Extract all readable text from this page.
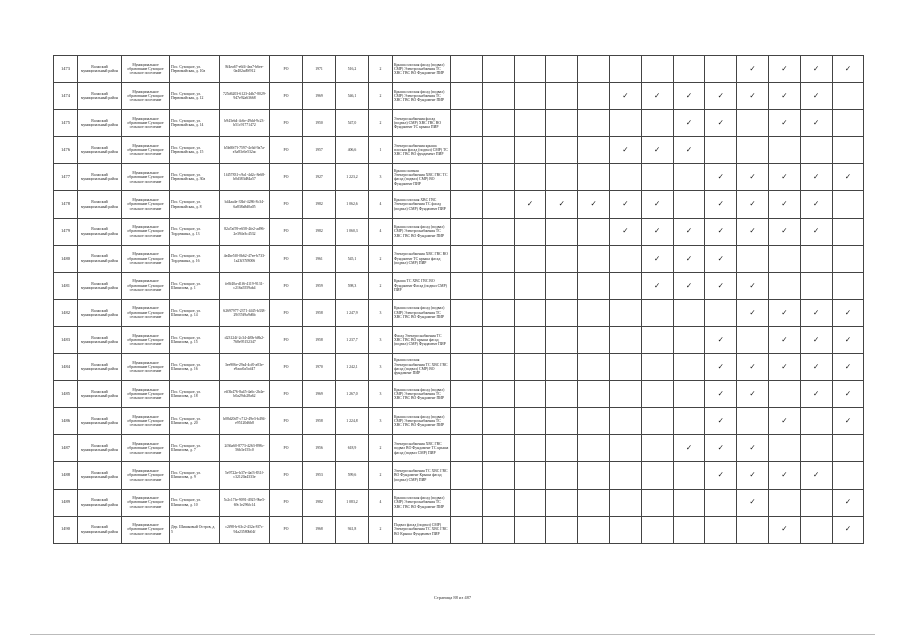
1473	Волжский муниципальный район	Муниципальное образование Сухоцкое сельское поселение	Пос. Сухоцкое, ул. Первомайская, д. 10а	8f4ea67-e6f4-4ea7-b6ee-0a402ad9f912	РО	1971	516,2	2	Крыша плоская фасад (подвал) СМР) Электроснабжения ТС ХВС ГВС ВО Фундамент ПИР										✓	✓	✓	✓
1474	Волжский муниципальный район	Муниципальное образование Сухоцкое сельское поселение	Пос. Сухоцкое, ул. Первомайская, д. 12	725d6203-6123-4db7-8029-947e92a63668	РО	1969	546,1	2	Крыша плоская фасад (подвал) СМР) Электроснабжения ТС ХВС ГВС ВО Фундамент ПИР						✓	✓	✓	✓	✓	✓	✓	
1475	Волжский муниципальный район	Муниципальное образование Сухоцкое сельское поселение	Пос. Сухоцкое, ул. Первомайская, д. 14	b943eb4-4c6e-49dd-9c23-b51c91771472	РО	1950	547,0	2	Электроснабжения фасад (подвал) СМР) ХВС ГВС ВО Фундамент ТС крыша ПИР								✓	✓		✓	✓	
1476	Волжский муниципальный район	Муниципальное образование Сухоцкое сельское поселение	Пос. Сухоцкое, ул. Первомайская, д. 15	b5b69f7f-7597-4c6d-9a7a-e3a83c6e532ac	РО	1957	406,6	1	Электроснабжения крыша плоская фасад (подвал) СМР) ТС ХВС ГВС ВО фундамент ПИР						✓	✓	✓					
1477	Волжский муниципальный район	Муниципальное образование Сухоцкое сельское поселение	Пос. Сухоцкое, ул. Первомайская, д. 30а	1f457831-c9a1-4d2c-8e68-b0d383d84a57	РО	1927	1 223,2	3	Крыша скатная Электроснабжения ХВС ГВС ТС фасад (подвал) СМР) ВО Фундамент ПИР									✓	✓	✓	✓	✓
1478	Волжский муниципальный район	Муниципальное образование Сухоцкое сельское поселение	Пос. Сухоцкое, ул. Первомайская, д. 8	b44aa4e-33bf-4286-8c34-6a838a8d0a05	РО	1982	1 062,6	4	Крыша плоская ХВС ГВС Электроснабжения ТС фасад (подвал) СМР) Фундамент ПИР			✓	✓	✓	✓	✓		✓	✓	✓	✓	
1479	Волжский муниципальный район	Муниципальное образование Сухоцкое сельское поселение	Пос. Сухоцкое, ул. Тордочкина, д. 13	82a7af59-e658-4fe2-ad96-2e394e3c4532	РО	1982	1 060,3	4	Крыша плоская фасад (подвал) СМР) Электроснабжения ТС ХВС ГВС ВО Фундамент ПИР						✓	✓	✓	✓	✓	✓	✓	
1480	Волжский муниципальный район	Муниципальное образование Сухоцкое сельское поселение	Пос. Сухоцкое, ул. Тордочкина, д. 16	4e4be5f0-0b62-47ee-b733-1a23f37f8006	РО	1961	545,1	2	Электроснабжения ХВС ГВС ВО Фундамент ТС крыша фасад (подвал) СМР) ПИР							✓	✓	✓				
1481	Волжский муниципальный район	Муниципальное образование Сухоцкое сельское поселение	Пос. Сухоцкое, ул. Шипилова, д. 1	fe8f40a-d1f6-4119-9131-c216a5559ab4	РО	1959	598,3	2	Крыша ТС ХВС ГВС ВО Фундамент Фасад (подвал СМР) ПИР							✓	✓	✓	✓			
1482	Волжский муниципальный район	Муниципальное образование Сухоцкое сельское поселение	Пос. Сухоцкое, ул. Шипилова, д. 14	62697977-2371-4f45-b338-29f37d9a9d6b	РО	1958	1 247,9	3	Крыша плоская фасад (подвал) СМР) Электроснабжения ТС ХВС ГВС ВО Фундамент ПИР										✓	✓	✓	✓
1483	Волжский муниципальный район	Муниципальное образование Сухоцкое сельское поселение	Пос. Сухоцкое, ул. Шипилова, д. 15	d23124f-2c34-4f0b-b8b2-768e95152347	РО	1958	1 237,7	3	Фасад Электроснабжения ТС ХВС ГВС ВО крыша фасад (подвал) СМР) Фундамент ПИР									✓		✓	✓	✓
1484	Волжский муниципальный район	Муниципальное образование Сухоцкое сельское поселение	Пос. Сухоцкое, ул. Шипилова, д. 16	3ee906e-29a4-4cf0-a03e-e9aac0a5cd47	РО	1970	1 242,1	3	Крыша плоская Электроснабжения ТС ХВС ГВС фасад (подвал) СМР) ВО фундамент ПИР									✓	✓	✓	✓	✓
1485	Волжский муниципальный район	Муниципальное образование Сухоцкое сельское поселение	Пос. Сухоцкое, ул. Шипилова, д. 18	eff3b476-8a45-4a6c-2b4e-b0a29dc28a62	РО	1969	1 267,0	3	Крыша плоская фасад (подвал) СМР) Электроснабжения ТС ХВС ГВС ВО Фундамент ПИР									✓	✓		✓	✓
1486	Волжский муниципальный район	Муниципальное образование Сухоцкое сельское поселение	Пос. Сухоцкое, ул. Шипилова, д. 20	b08d20d7-c712-49e3-b494-e95120d6b8	РО	1958	1 224,8	3	Крыша плоская фасад (подвал) СМР) Электроснабжения ТС ХВС ГВС ВО Фундамент ПИР									✓		✓		✓
1487	Волжский муниципальный район	Муниципальное образование Сухоцкое сельское поселение	Пос. Сухоцкое, ул. Шипилова, д. 7	2f36a60-8773-4263-898c-56b3e155c0	РО	1956	618,9	2	Электроснабжения ХВС ГВС подвал ВО Фундамент ТС крыша фасад (подвал СМР) ПИР								✓	✓	✓			
1488	Волжский муниципальный район	Муниципальное образование Сухоцкое сельское поселение	Пос. Сухоцкое, ул. Шипилова, д. 9	5e9722e-b37e-4af3-831f-c32120a4333e	РО	1953	599,6	2	Электроснабжения ТС ХВС ГВС ВО Фундамент Крыша фасад (подвал) СМР) ПИР									✓	✓	✓	✓	
1489	Волжский муниципальный район	Муниципальное образование Сухоцкое сельское поселение	Пос. Сухоцкое, ул. Шипилова, д. 10	5c2c17fe-9091-4925-9be5-69c1e296fc14	РО	1982	1 083,2	4	Крыша плоская фасад (подвал) СМР) Электроснабжения ТС ХВС ГВС ВО Фундамент ПИР										✓			✓
1490	Волжский муниципальный район	Муниципальное образование Сухоцкое сельское поселение	Дер. Шишковый Остров, д. 5	c2f98-b-63c2-432a-8f7c-94a23580b04f	РО	1968	941,8	2	Подвал фасад (подвал) СМР) Электроснабжения ТС ХВС ГВС ВО Крыша Фундамент ПИР											✓		✓
Страница 88 из 487
